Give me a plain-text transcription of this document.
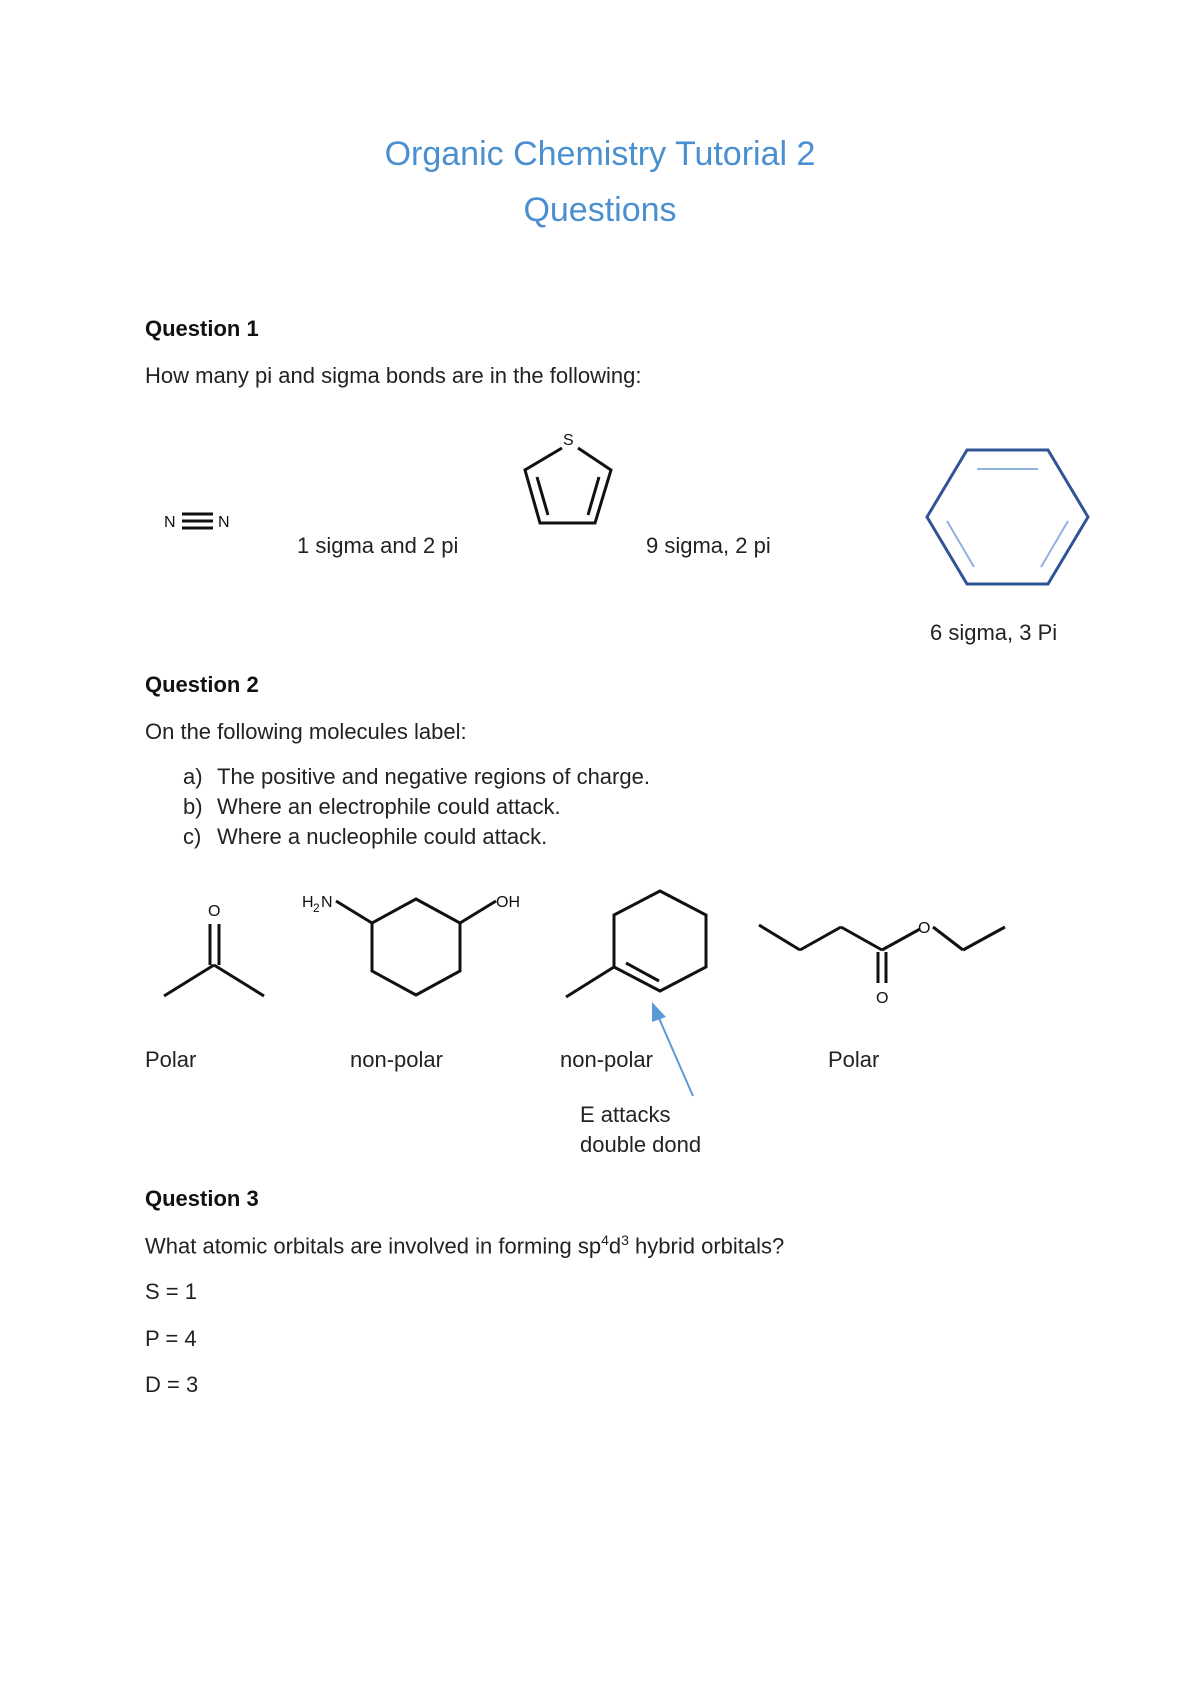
Organic Chemistry Tutorial 2
Questions
Question 1
How many pi and sigma bonds are in the following:
N	N
1 sigma and 2 pi
S
9 sigma, 2 pi
6 sigma, 3 Pi
Question 2
On the following molecules label:
a) The positive and negative regions of charge.
b) Where an electrophile could attack.
c) Where a nucleophile could attack.
O
Polar
H 2 N	OH
non-polar	non-polar
E attacks
double dond
O
O
Polar
Question 3
What atomic orbitals are involved in forming $sp^4d^3$ hybrid orbitals?
S = 1
P = 4
D = 3
